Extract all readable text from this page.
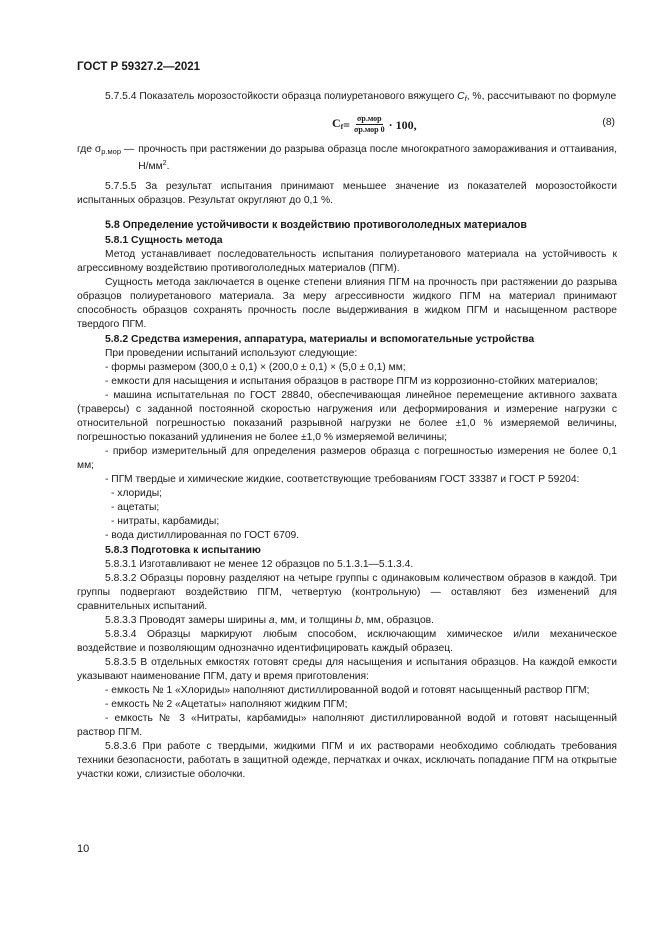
ГОСТ Р 59327.2—2021

5.7.5.4 Показатель морозостойкости образца полиуретанового вяжущего $C_f$, %, рассчитывают по формуле

$C_f = \frac{\text{σр.мор}}{\text{σр.мор 0}} \cdot 100$,	(8)
где $\sigma_{р.мор}$ — прочность при растяжении до разрыва образца после многократного замораживания и оттаивания, $Н/мм^2$.

5.7.5.5 За результат испытания принимают меньшее значение из показателей морозостойкости испытанных образцов. Результат округляют до 0,1 %.

5.8 Определение устойчивости к воздействию противогололедных материалов
5.8.1 Сущность метода

Метод устанавливает последовательность испытания полиуретанового материала на устойчивость к агрессивному воздействию противогололедных материалов (ПГМ).

Сущность метода заключается в оценке степени влияния ПГМ на прочность при растяжении до разрыва образцов полиуретанового материала. За меру агрессивности жидкого ПГМ на материал принимают способность образцов сохранять прочность после выдерживания в жидком ПГМ и насыщенном растворе твердого ПГМ.

5.8.2 Средства измерения, аппаратура, материалы и вспомогательные устройства

При проведении испытаний используют следующие:

- формы размером (300,0 ± 0,1) × (200,0 ± 0,1) × (5,0 ± 0,1) мм;

- емкости для насыщения и испытания образцов в растворе ПГМ из коррозионно-стойких материалов;

- машина испытательная по ГОСТ 28840, обеспечивающая линейное перемещение активного захвата (траверсы) с заданной постоянной скоростью нагружения или деформирования и измерение нагрузки с относительной погрешностью показаний разрывной нагрузки не более ±1,0 % измеряемой величины, погрешностью показаний удлинения не более ±1,0 % измеряемой величины;

- прибор измерительный для определения размеров образца с погрешностью измерения не более 0,1 мм;

- ПГМ твердые и химические жидкие, соответствующие требованиям ГОСТ 33387 и ГОСТ Р 59204:

- хлориды;

- ацетаты;

- нитраты, карбамиды;

- вода дистиллированная по ГОСТ 6709.

5.8.3 Подготовка к испытанию

5.8.3.1 Изготавливают не менее 12 образцов по 5.1.3.1—5.1.3.4.

5.8.3.2 Образцы поровну разделяют на четыре группы с одинаковым количеством образов в каждой. Три группы подвергают воздействию ПГМ, четвертую (контрольную) — оставляют без изменений для сравнительных испытаний.

5.8.3.3 Проводят замеры ширины a, мм, и толщины b, мм, образцов.

5.8.3.4 Образцы маркируют любым способом, исключающим химическое и/или механическое воздействие и позволяющим однозначно идентифицировать каждый образец.

5.8.3.5 В отдельных емкостях готовят среды для насыщения и испытания образцов. На каждой емкости указывают наименование ПГМ, дату и время приготовления:

- емкость № 1 «Хлориды» наполняют дистиллированной водой и готовят насыщенный раствор ПГМ;

- емкость № 2 «Ацетаты» наполняют жидким ПГМ;

- емкость № 3 «Нитраты, карбамиды» наполняют дистиллированной водой и готовят насыщенный раствор ПГМ.

5.8.3.6 При работе с твердыми, жидкими ПГМ и их растворами необходимо соблюдать требования техники безопасности, работать в защитной одежде, перчатках и очках, исключать попадание ПГМ на открытые участки кожи, слизистые оболочки.

10
